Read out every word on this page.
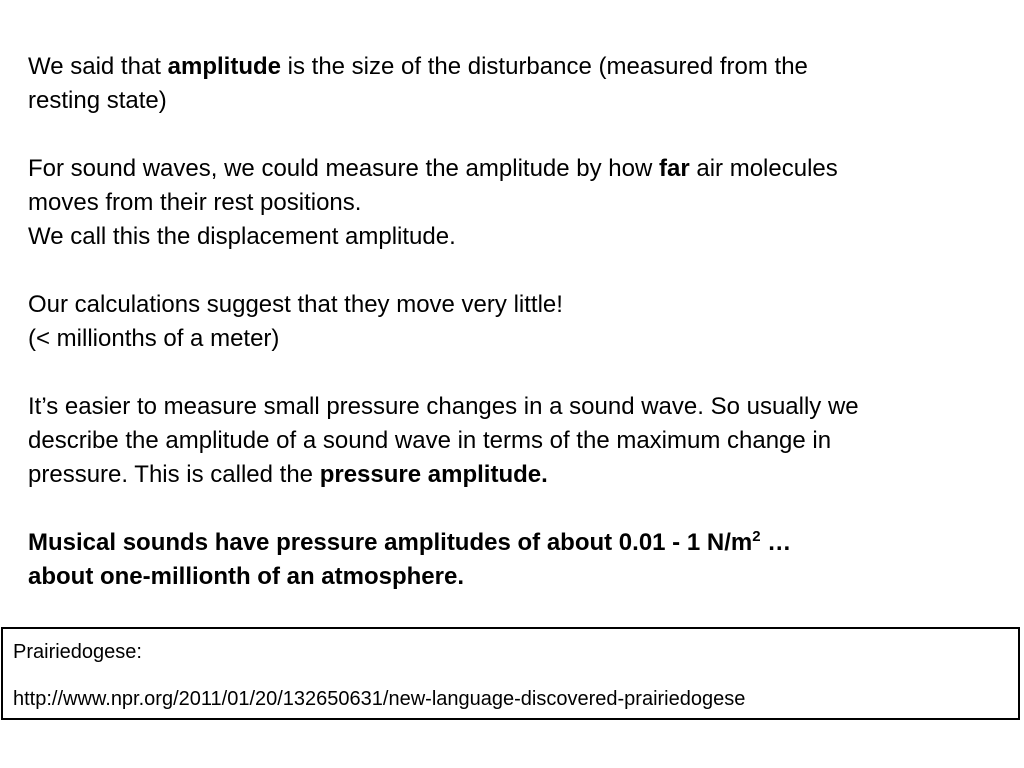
We said that amplitude is the size of the disturbance (measured from the
resting state)

For sound waves, we could measure the amplitude by how far air molecules
moves from their rest positions.
We call this the displacement amplitude.

Our calculations suggest that they move very little!
(< millionths of a meter)

It’s easier to measure small pressure changes in a sound wave. So usually we
describe the amplitude of a sound wave in terms of the maximum change in
pressure. This is called the pressure amplitude.

Musical sounds have pressure amplitudes of about 0.01 - 1 $N/m^2$ …
about one-millionth of an atmosphere.

Prairiedogese:
http://www.npr.org/2011/01/20/132650631/new-language-discovered-prairiedogese
